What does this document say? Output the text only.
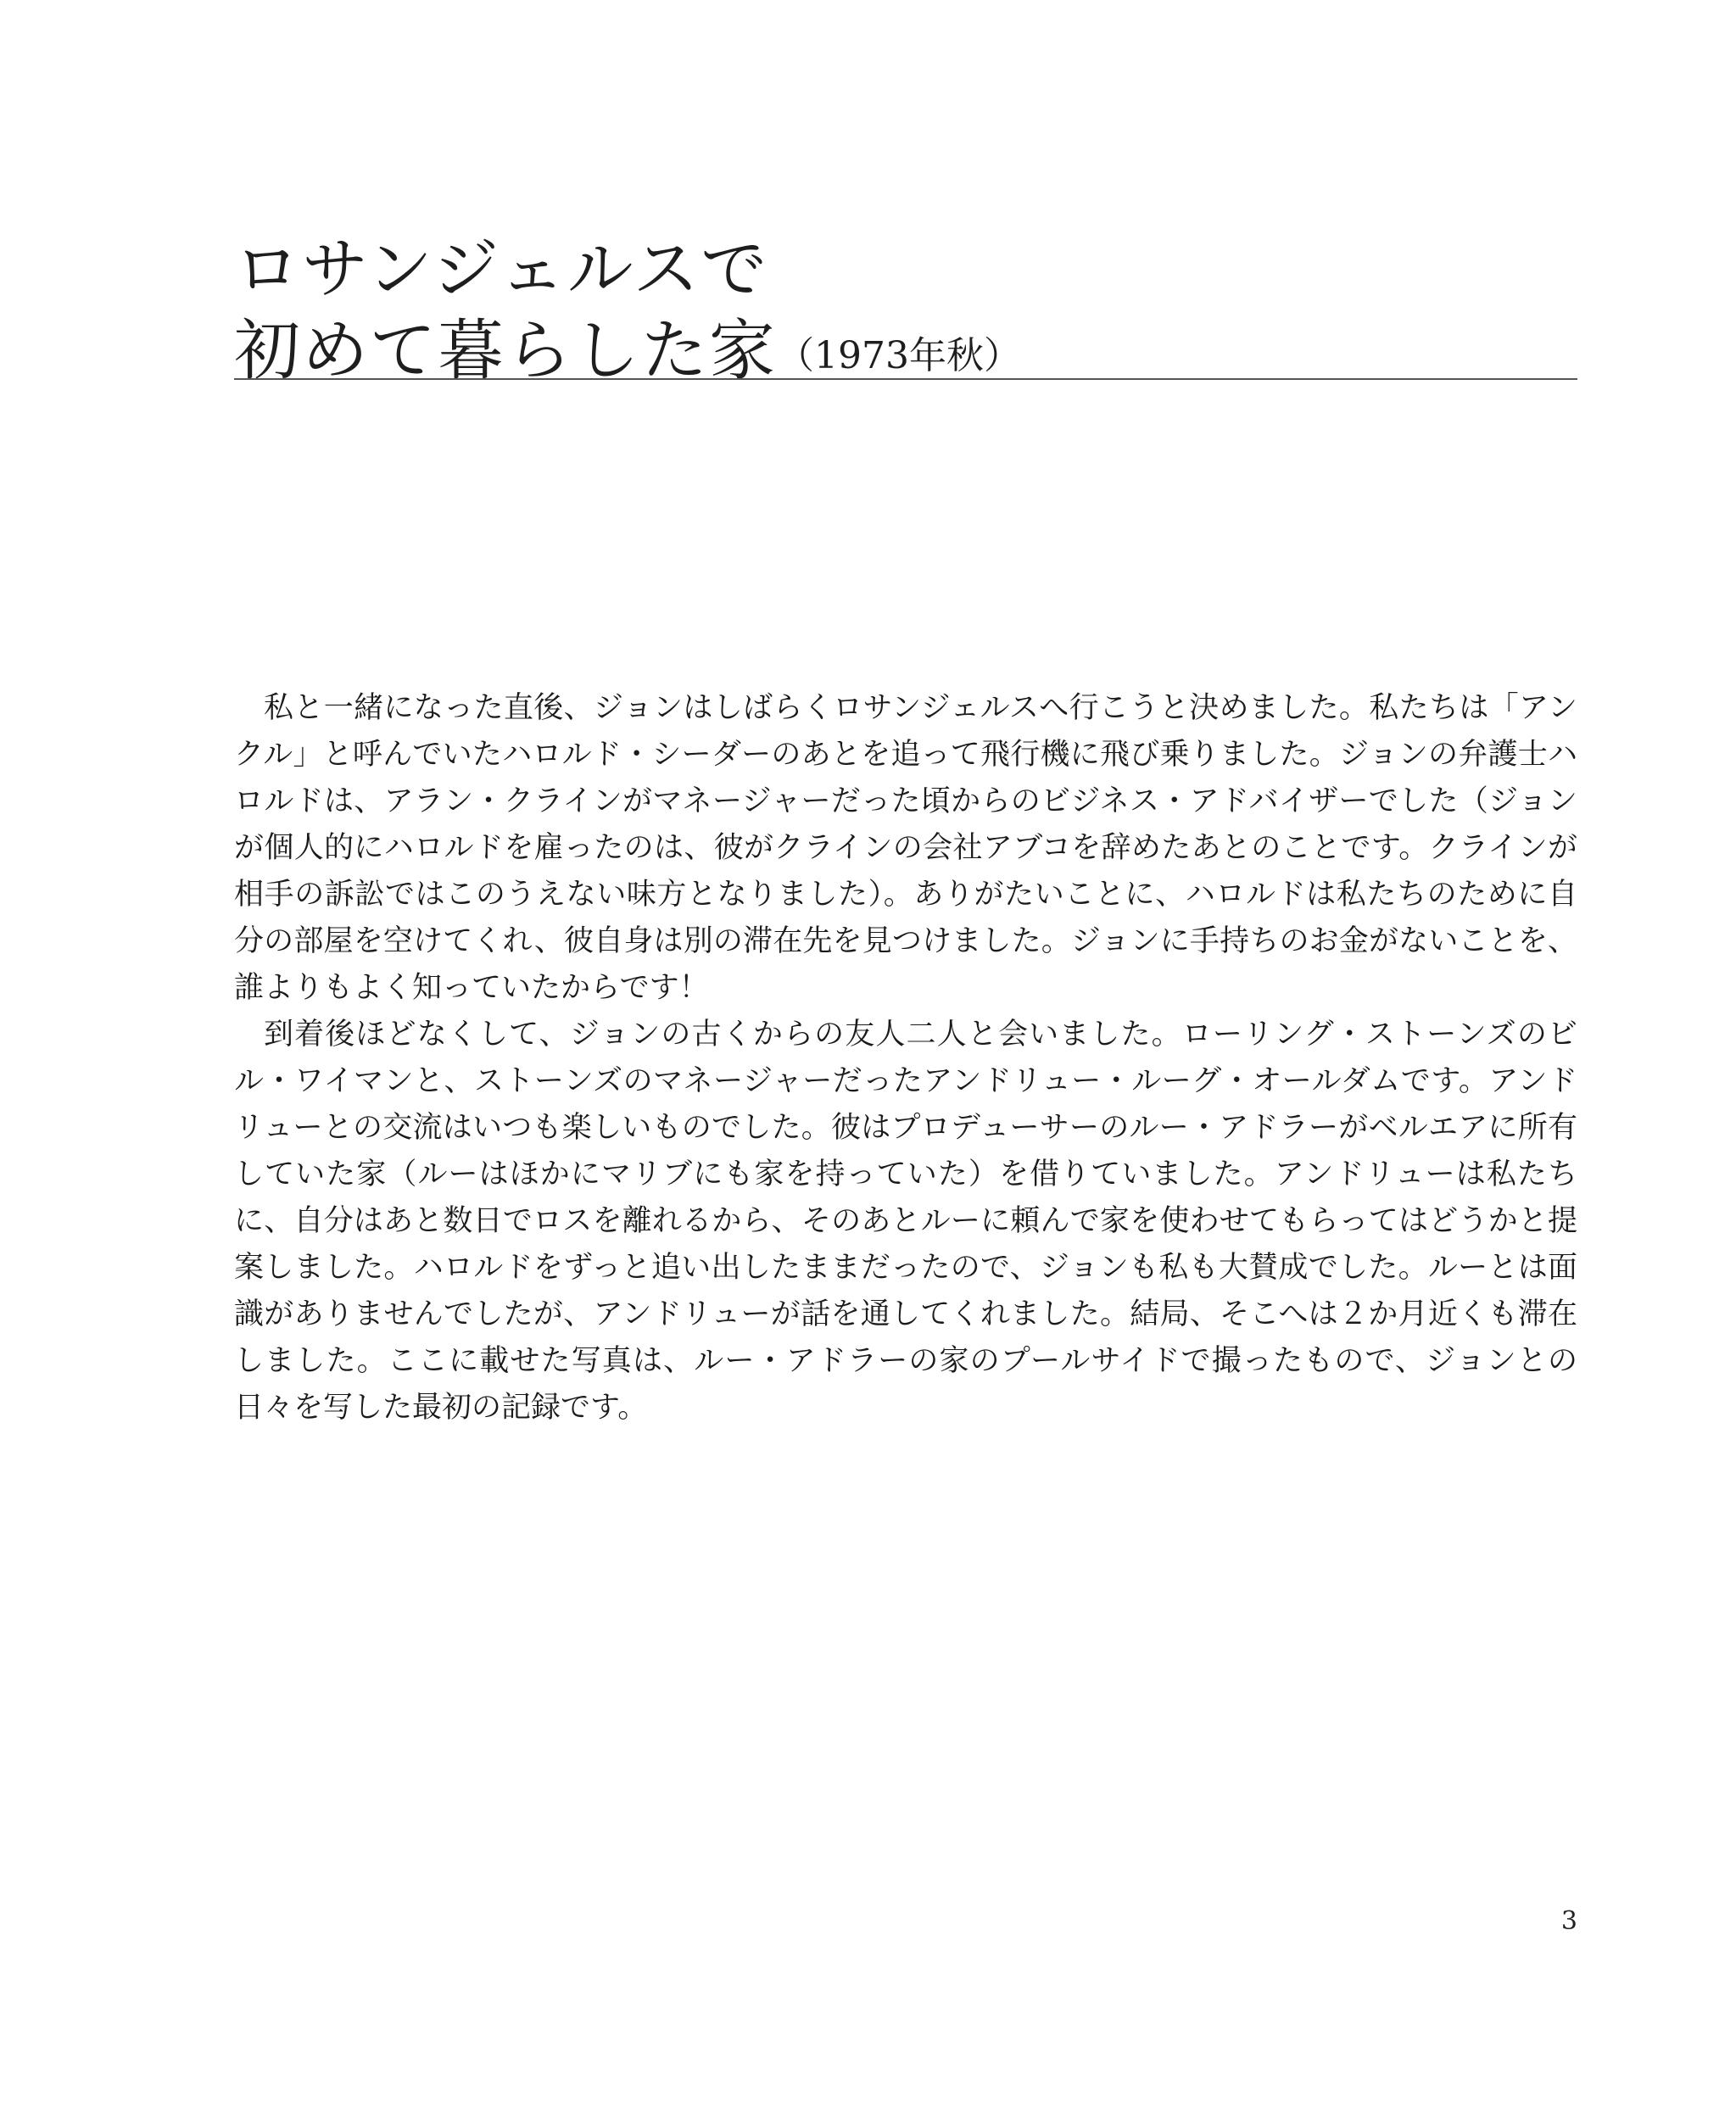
ロサンジェルスで
初めて暮らした家（1973年秋）

私と一緒になった直後、ジョンはしばらくロサンジェルスへ行こうと決めました。私たちは「アンクル」と呼んでいたハロルド・シーダーのあとを追って飛行機に飛び乗りました。ジョンの弁護士ハロルドは、アラン・クラインがマネージャーだった頃からのビジネス・アドバイザーでした（ジョンが個人的にハロルドを雇ったのは、彼がクラインの会社アブコを辞めたあとのことです。クラインが相手の訴訟ではこのうえない味方となりました）。ありがたいことに、ハロルドは私たちのために自分の部屋を空けてくれ、彼自身は別の滞在先を見つけました。ジョンに手持ちのお金がないことを、誰よりもよく知っていたからです！

到着後ほどなくして、ジョンの古くからの友人二人と会いました。ローリング・ストーンズのビル・ワイマンと、ストーンズのマネージャーだったアンドリュー・ルーグ・オールダムです。アンドリューとの交流はいつも楽しいものでした。彼はプロデューサーのルー・アドラーがベルエアに所有していた家（ルーはほかにマリブにも家を持っていた）を借りていました。アンドリューは私たちに、自分はあと数日でロスを離れるから、そのあとルーに頼んで家を使わせてもらってはどうかと提案しました。ハロルドをずっと追い出したままだったので、ジョンも私も大賛成でした。ルーとは面識がありませんでしたが、アンドリューが話を通してくれました。結局、そこへは２か月近くも滞在しました。ここに載せた写真は、ルー・アドラーの家のプールサイドで撮ったもので、ジョンとの日々を写した最初の記録です。

3
